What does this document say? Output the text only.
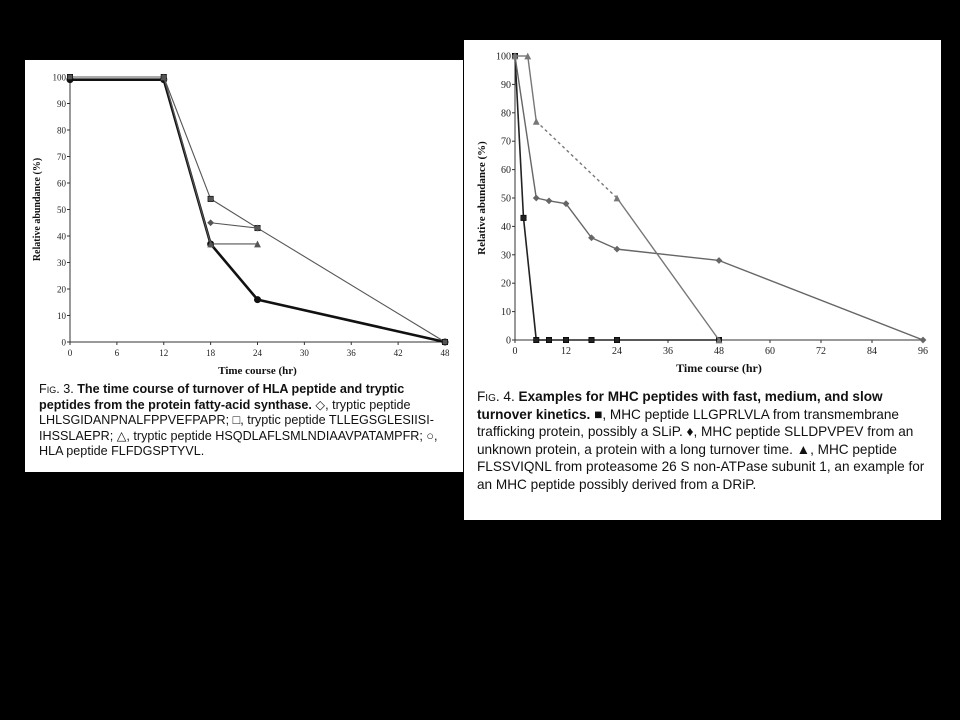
0	6	12	18	24	30	36	42	48
0
10
20
30
40
50
60
70
80
90
100
Time course (hr)
Relative abundance (%)
Fig. 3. The time course of turnover of HLA peptide and tryptic peptides from the protein fatty-acid synthase. ◇, tryptic peptide LHLSGIDANPNALFPPVEFPAPR; □, tryptic peptide TLLEGSGLESIISI-IHSSLAEPR; △, tryptic peptide HSQDLAFLSMLNDIAAVPATAMPFR; ○, HLA peptide FLFDGSPTYVL.
0	12	24	36	48	60	72	84	96
0
10
20
30
40
50
60
70
80
90
100
Time course (hr)
Relative abundance (%)
Fig. 4. Examples for MHC peptides with fast, medium, and slow turnover kinetics. ■, MHC peptide LLGPRLVLA from transmembrane trafficking protein, possibly a SLiP. ♦, MHC peptide SLLDPVPEV from an unknown protein, a protein with a long turnover time. ▲, MHC peptide FLSSVIQNL from proteasome 26 S non-ATPase subunit 1, an example for an MHC peptide possibly derived from a DRiP.
